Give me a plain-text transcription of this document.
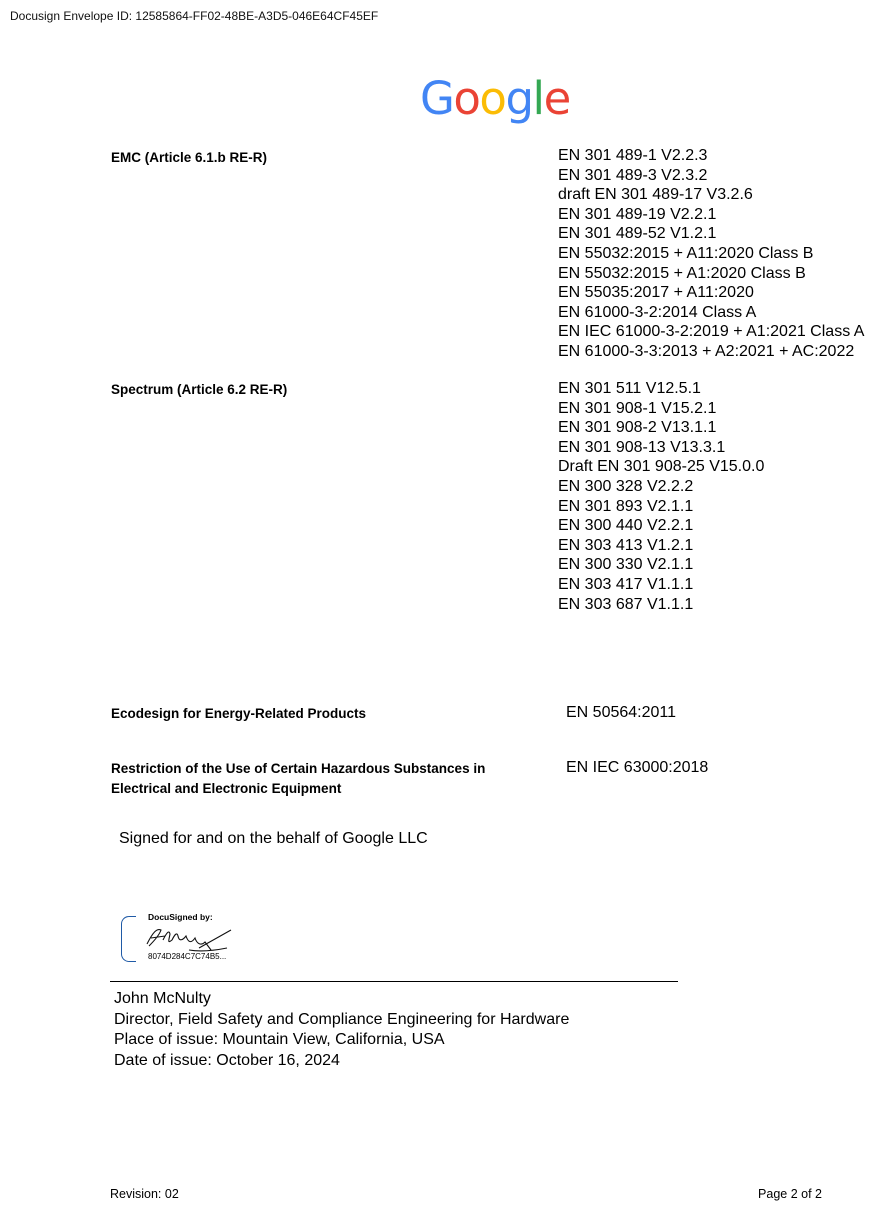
Docusign Envelope ID: 12585864-FF02-48BE-A3D5-046E64CF45EF
Google
EMC (Article 6.1.b RE-R)	EN 301 489-1 V2.2.3
EN 301 489-3 V2.3.2
draft EN 301 489-17 V3.2.6
EN 301 489-19 V2.2.1
EN 301 489-52 V1.2.1
EN 55032:2015 + A11:2020 Class B
EN 55032:2015 + A1:2020 Class B
EN 55035:2017 + A11:2020
EN 61000-3-2:2014 Class A
EN IEC 61000-3-2:2019 + A1:2021 Class A
EN 61000-3-3:2013 + A2:2021 + AC:2022
Spectrum (Article 6.2 RE-R)	EN 301 511 V12.5.1
EN 301 908-1 V15.2.1
EN 301 908-2 V13.1.1
EN 301 908-13 V13.3.1
Draft EN 301 908-25 V15.0.0
EN 300 328 V2.2.2
EN 301 893 V2.1.1
EN 300 440 V2.2.1
EN 303 413 V1.2.1
EN 300 330 V2.1.1
EN 303 417 V1.1.1
EN 303 687 V1.1.1
Ecodesign for Energy-Related Products	EN 50564:2011
Restriction of the Use of Certain Hazardous Substances in
Electrical and Electronic Equipment
EN IEC 63000:2018
Signed for and on the behalf of Google LLC
DocuSigned by:
8074D284C7C74B5...
John McNulty
Director, Field Safety and Compliance Engineering for Hardware
Place of issue: Mountain View, California, USA
Date of issue: October 16, 2024
Revision: 02	Page 2 of 2
